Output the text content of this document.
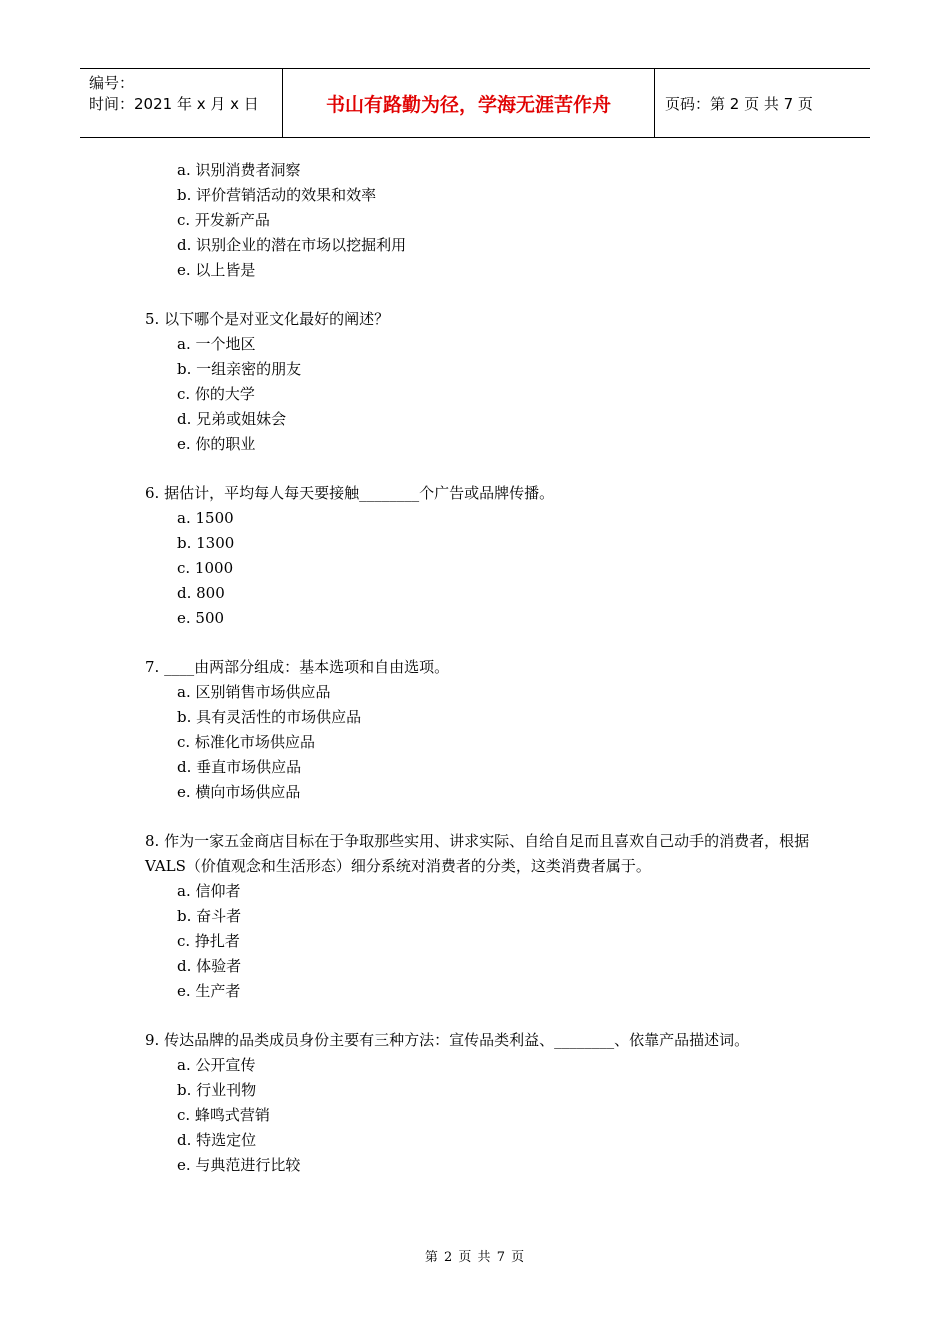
编号：
时间：2021 年 x 月 x 日	书山有路勤为径，学海无涯苦作舟	页码：第 2 页 共 7 页
a. 识别消费者洞察
b. 评价营销活动的效果和效率
c. 开发新产品
d. 识别企业的潜在市场以挖掘利用
e. 以上皆是
5. 以下哪个是对亚文化最好的阐述？
a. 一个地区
b. 一组亲密的朋友
c. 你的大学
d. 兄弟或姐妹会
e. 你的职业
6. 据估计，平均每人每天要接触________个广告或品牌传播。
a. 1500
b. 1300
c. 1000
d. 800
e. 500
7. ____由两部分组成：基本选项和自由选项。
a. 区别销售市场供应品
b. 具有灵活性的市场供应品
c. 标准化市场供应品
d. 垂直市场供应品
e. 横向市场供应品
8. 作为一家五金商店目标在于争取那些实用、讲求实际、自给自足而且喜欢自己动手的消费者，根据 VALS（价值观念和生活形态）细分系统对消费者的分类，这类消费者属于。
a. 信仰者
b. 奋斗者
c. 挣扎者
d. 体验者
e. 生产者
9. 传达品牌的品类成员身份主要有三种方法：宣传品类利益、________、依靠产品描述词。
a. 公开宣传
b. 行业刊物
c. 蜂鸣式营销
d. 特选定位
e. 与典范进行比较
第 2 页 共 7 页
